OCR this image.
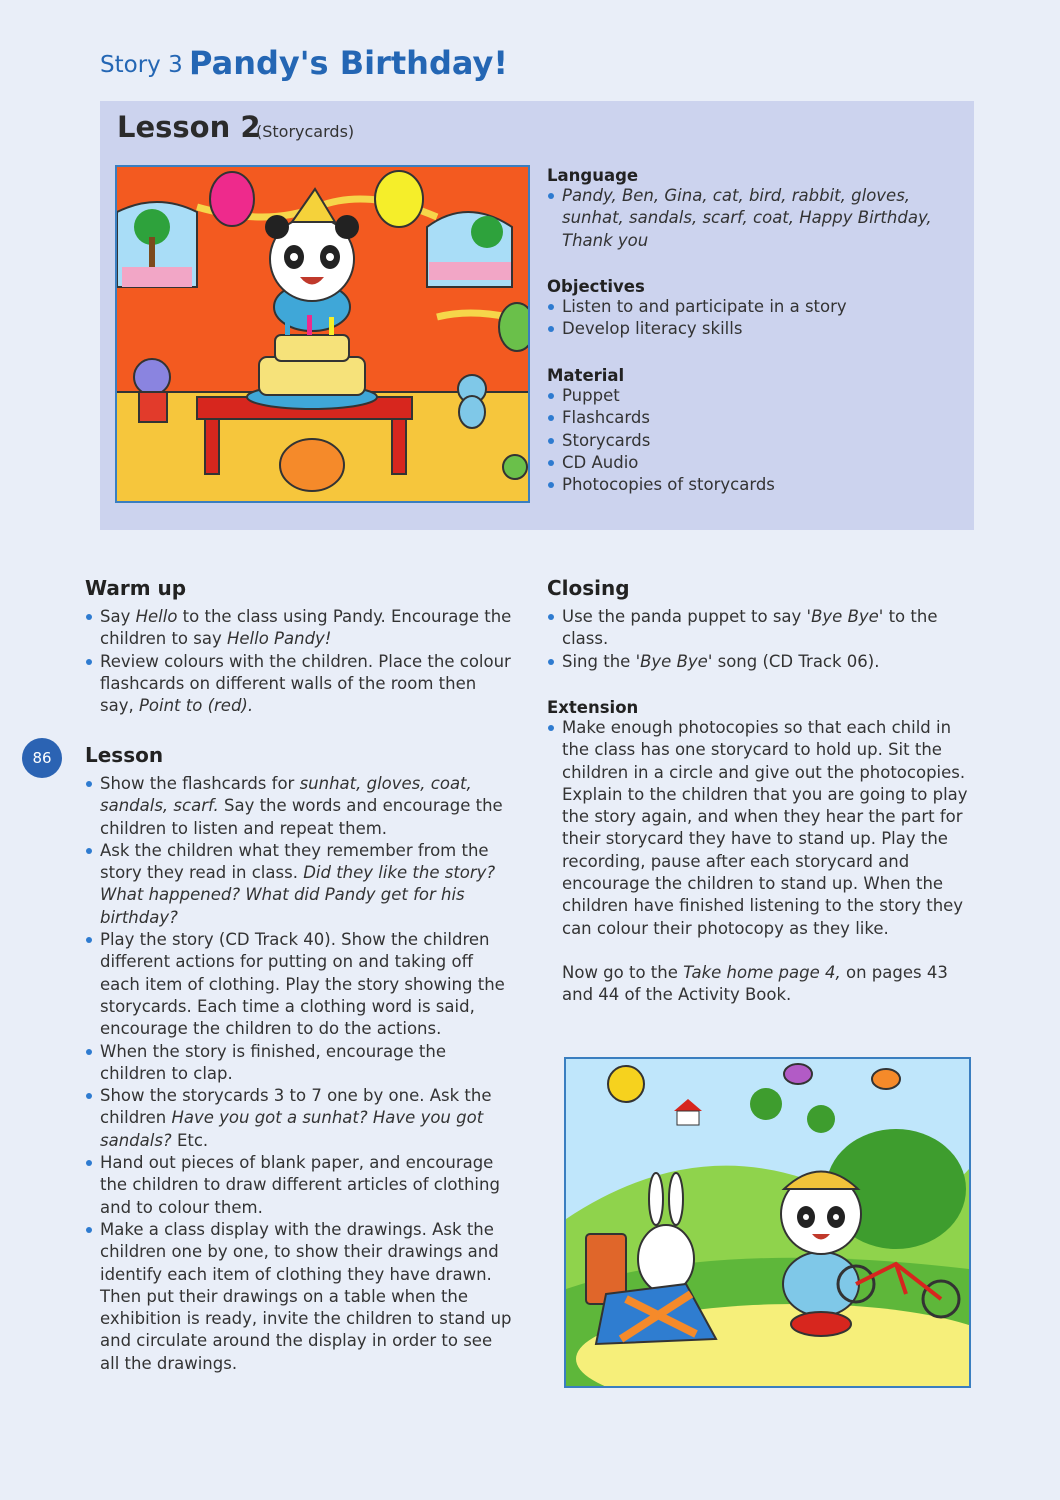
Story 3 Pandy's Birthday!
Lesson 2
(Storycards)
Language
Pandy, Ben, Gina, cat, bird, rabbit, gloves, sunhat, sandals, scarf, coat, Happy Birthday, Thank you
Objectives
Listen to and participate in a story
Develop literacy skills
Material
Puppet
Flashcards
Storycards
CD Audio
Photocopies of storycards
Warm up
Say Hello to the class using Pandy. Encourage the children to say Hello Pandy!
Review colours with the children. Place the colour flashcards on different walls of the room then say, Point to (red).
86	Lesson
Show the flashcards for sunhat, gloves, coat, sandals, scarf. Say the words and encourage the children to listen and repeat them.
Ask the children what they remember from the story they read in class. Did they like the story? What happened? What did Pandy get for his birthday?
Play the story (CD Track 40). Show the children different actions for putting on and taking off each item of clothing. Play the story showing the storycards. Each time a clothing word is said, encourage the children to do the actions.
When the story is finished, encourage the children to clap.
Show the storycards 3 to 7 one by one. Ask the children Have you got a sunhat? Have you got sandals? Etc.
Hand out pieces of blank paper, and encourage the children to draw different articles of clothing and to colour them.
Make a class display with the drawings. Ask the children one by one, to show their drawings and identify each item of clothing they have drawn. Then put their drawings on a table when the exhibition is ready, invite the children to stand up and circulate around the display in order to see all the drawings.
Closing
Use the panda puppet to say 'Bye Bye' to the class.
Sing the 'Bye Bye' song (CD Track 06).
Extension
Make enough photocopies so that each child in the class has one storycard to hold up. Sit the children in a circle and give out the photocopies. Explain to the children that you are going to play the story again, and when they hear the part for their storycard they have to stand up. Play the recording, pause after each storycard and encourage the children to stand up. When the children have finished listening to the story they can colour their photocopy as they like.
Now go to the Take home page 4, on pages 43 and 44 of the Activity Book.
